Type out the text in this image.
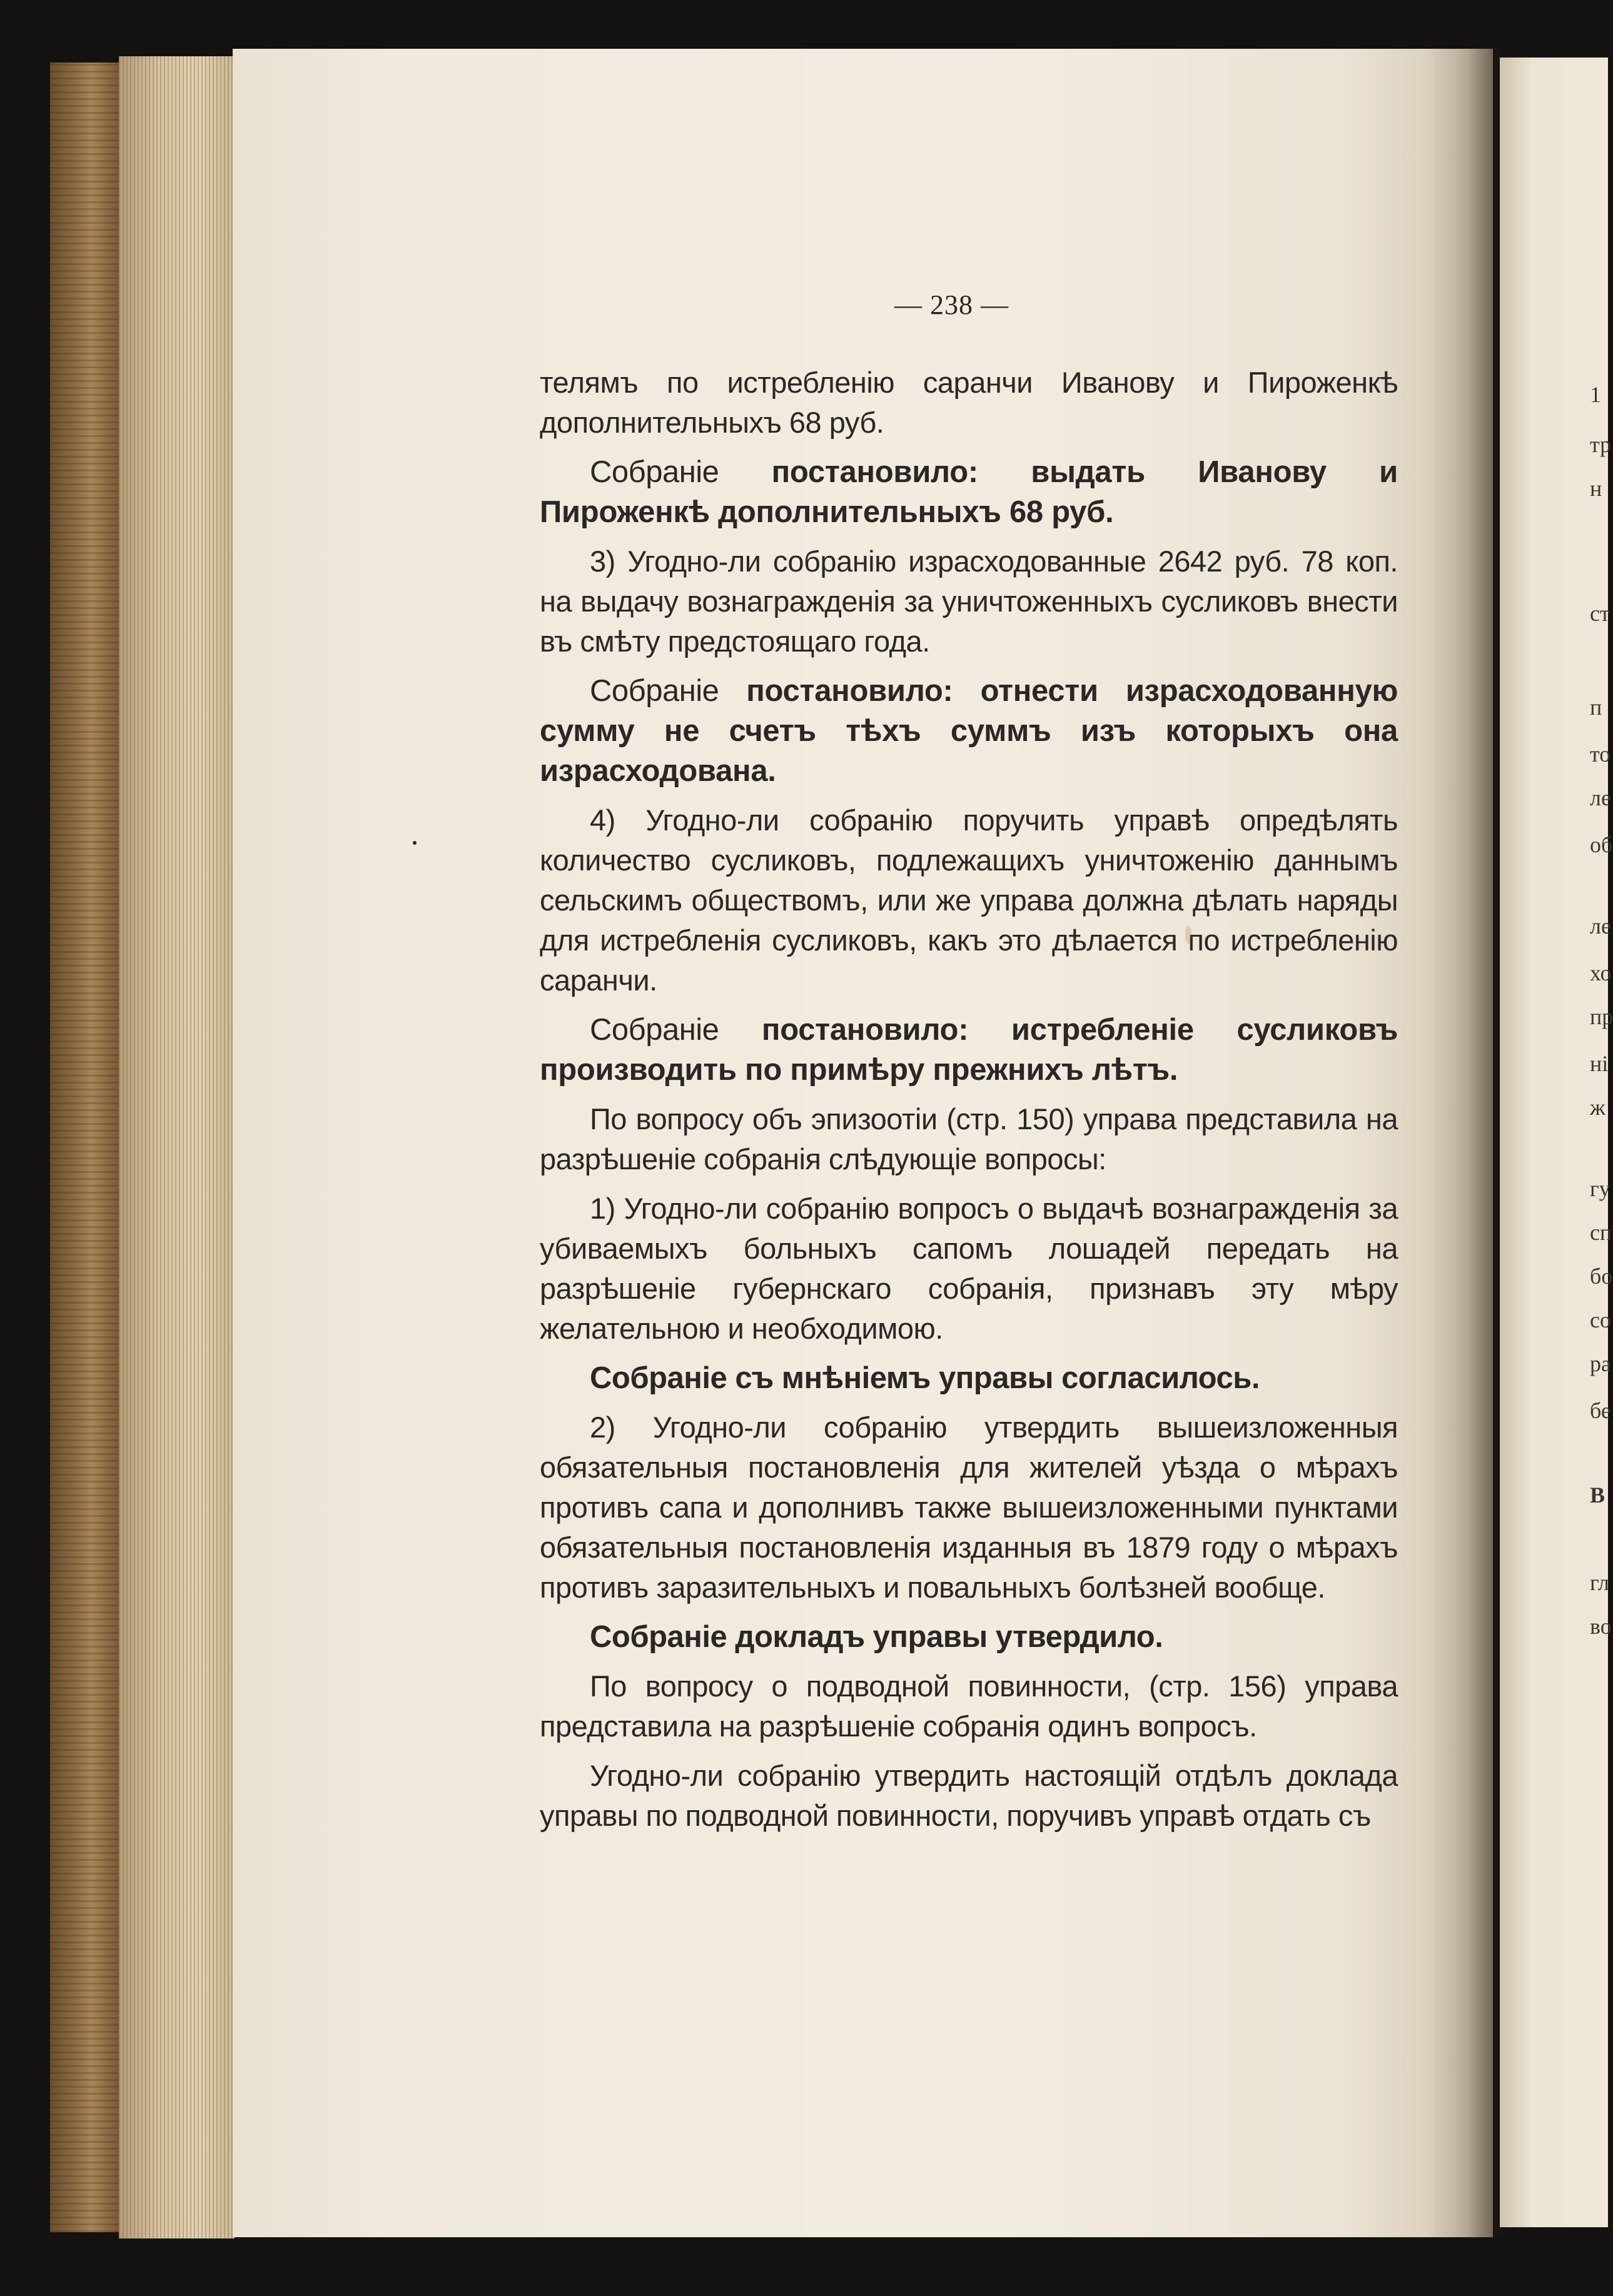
— 238 —

телямъ по истребленію саранчи Иванову и Пироженкѣ дополнительныхъ 68 руб.

Собраніе постановило: выдать Иванову и Пироженкѣ дополнительныхъ 68 руб.

3) Угодно-ли собранію израсходованные 2642 руб. 78 коп. на выдачу вознагражденія за уничтоженныхъ сусликовъ внести въ смѣту предстоящаго года.

Собраніе постановило: отнести израсходованную сумму не счетъ тѣхъ суммъ изъ которыхъ она израсходована.

4) Угодно-ли собранію поручить управѣ опредѣлять количество сусликовъ, подлежащихъ уничтоженію даннымъ сельскимъ обществомъ, или же управа должна дѣлать наряды для истребленія сусликовъ, какъ это дѣлается по истребленію саранчи.

Собраніе постановило: истребленіе сусликовъ производить по примѣру прежнихъ лѣтъ.

По вопросу объ эпизоотіи (стр. 150) управа представила на разрѣшеніе собранія слѣдующіе вопросы:

1) Угодно-ли собранію вопросъ о выдачѣ вознагражденія за убиваемыхъ больныхъ сапомъ лошадей передать на разрѣшеніе губернскаго собранія, признавъ эту мѣру желательною и необходимою.

Собраніе съ мнѣніемъ управы согласилось.

2) Угодно-ли собранію утвердить вышеизложенныя обязательныя постановленія для жителей уѣзда о мѣрахъ противъ сапа и дополнивъ также вышеизложенными пунктами обязательныя постановленія изданныя въ 1879 году о мѣрахъ противъ заразительныхъ и повальныхъ болѣзней вообще.

Собраніе докладъ управы утвердило.

По вопросу о подводной повинности, (стр. 156) управа представила на разрѣшеніе собранія одинъ вопросъ.

Угодно-ли собранію утвердить настоящій отдѣлъ доклада управы по подводной повинности, поручивъ управѣ отдать съ

1
тр
н
ст
п
то
ле
об
ле
хо
пр
ні
ж
гу
сп
бо
со
ра
бе
В
гл
во
